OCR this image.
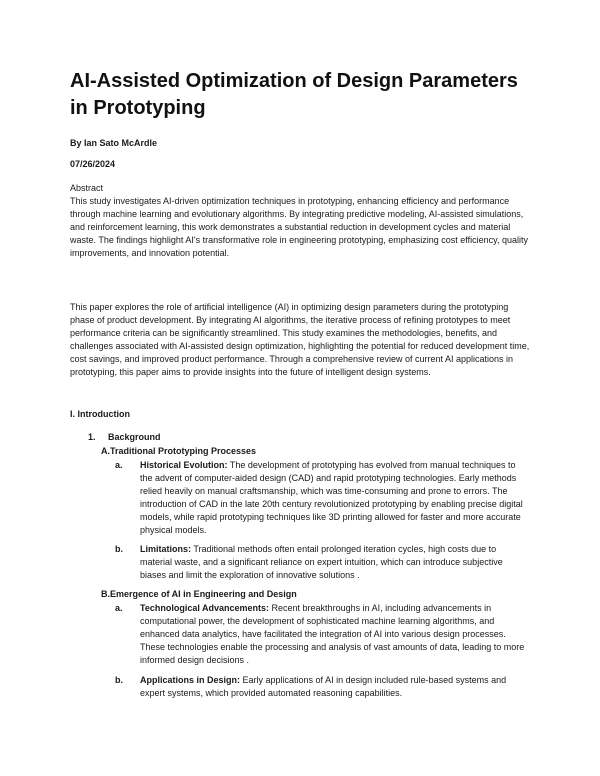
AI-Assisted Optimization of Design Parameters in Prototyping
By Ian Sato McArdle
07/26/2024
Abstract

This study investigates AI-driven optimization techniques in prototyping, enhancing efficiency and performance through machine learning and evolutionary algorithms. By integrating predictive modeling, AI-assisted simulations, and reinforcement learning, this work demonstrates a substantial reduction in development cycles and material waste. The findings highlight AI's transformative role in engineering prototyping, emphasizing cost efficiency, quality improvements, and innovation potential.

This paper explores the role of artificial intelligence (AI) in optimizing design parameters during the prototyping phase of product development. By integrating AI algorithms, the iterative process of refining prototypes to meet performance criteria can be significantly streamlined. This study examines the methodologies, benefits, and challenges associated with AI-assisted design optimization, highlighting the potential for reduced development time, cost savings, and improved product performance. Through a comprehensive review of current AI applications in prototyping, this paper aims to provide insights into the future of intelligent design systems.

I. Introduction
1. Background
A.Traditional Prototyping Processes

a.	Historical Evolution: The development of prototyping has evolved from manual techniques to the advent of computer-aided design (CAD) and rapid prototyping technologies. Early methods relied heavily on manual craftsmanship, which was time-consuming and prone to errors. The introduction of CAD in the late 20th century revolutionized prototyping by enabling precise digital models, while rapid prototyping techniques like 3D printing allowed for faster and more accurate physical models.

b.	Limitations: Traditional methods often entail prolonged iteration cycles, high costs due to material waste, and a significant reliance on expert intuition, which can introduce subjective biases and limit the exploration of innovative solutions .

B.Emergence of AI in Engineering and Design

a.	Technological Advancements: Recent breakthroughs in AI, including advancements in computational power, the development of sophisticated machine learning algorithms, and enhanced data analytics, have facilitated the integration of AI into various design processes. These technologies enable the processing and analysis of vast amounts of data, leading to more informed design decisions .

b.	Applications in Design: Early applications of AI in design included rule-based systems and expert systems, which provided automated reasoning capabilities.
